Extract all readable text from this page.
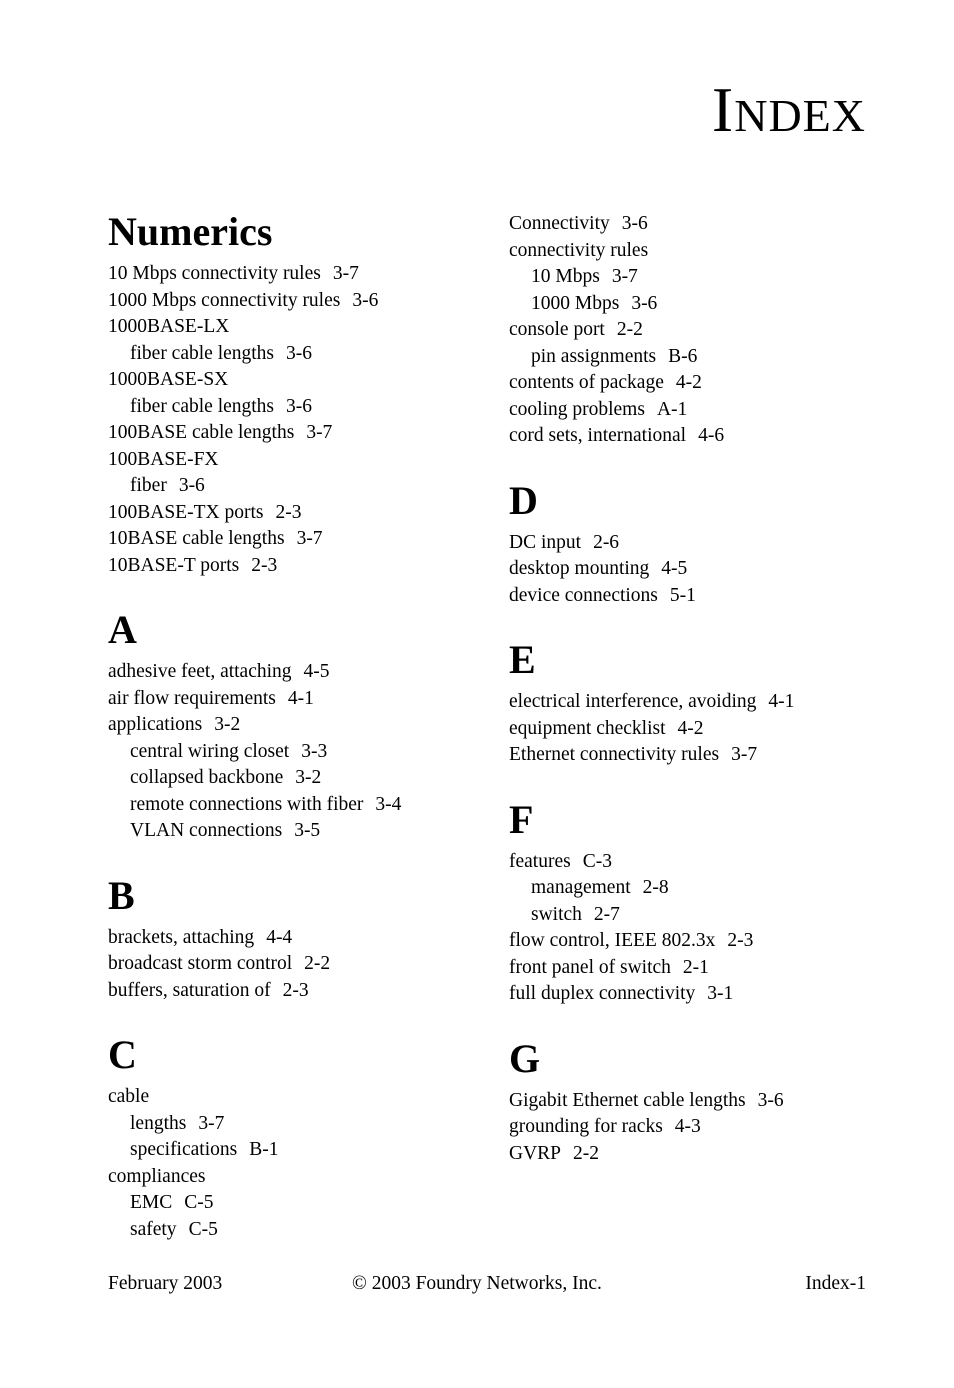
INDEX
Numerics
10 Mbps connectivity rules 3-7
1000 Mbps connectivity rules 3-6
1000BASE-LX
fiber cable lengths 3-6
1000BASE-SX
fiber cable lengths 3-6
100BASE cable lengths 3-7
100BASE-FX
fiber 3-6
100BASE-TX ports 2-3
10BASE cable lengths 3-7
10BASE-T ports 2-3
A
adhesive feet, attaching 4-5
air flow requirements 4-1
applications 3-2
central wiring closet 3-3
collapsed backbone 3-2
remote connections with fiber 3-4
VLAN connections 3-5
B
brackets, attaching 4-4
broadcast storm control 2-2
buffers, saturation of 2-3
C
cable
lengths 3-7
specifications B-1
compliances
EMC C-5
safety C-5
Connectivity 3-6
connectivity rules
10 Mbps 3-7
1000 Mbps 3-6
console port 2-2
pin assignments B-6
contents of package 4-2
cooling problems A-1
cord sets, international 4-6
D
DC input 2-6
desktop mounting 4-5
device connections 5-1
E
electrical interference, avoiding 4-1
equipment checklist 4-2
Ethernet connectivity rules 3-7
F
features C-3
management 2-8
switch 2-7
flow control, IEEE 802.3x 2-3
front panel of switch 2-1
full duplex connectivity 3-1
G
Gigabit Ethernet cable lengths 3-6
grounding for racks 4-3
GVRP 2-2
February 2003	© 2003 Foundry Networks, Inc.	Index-1
